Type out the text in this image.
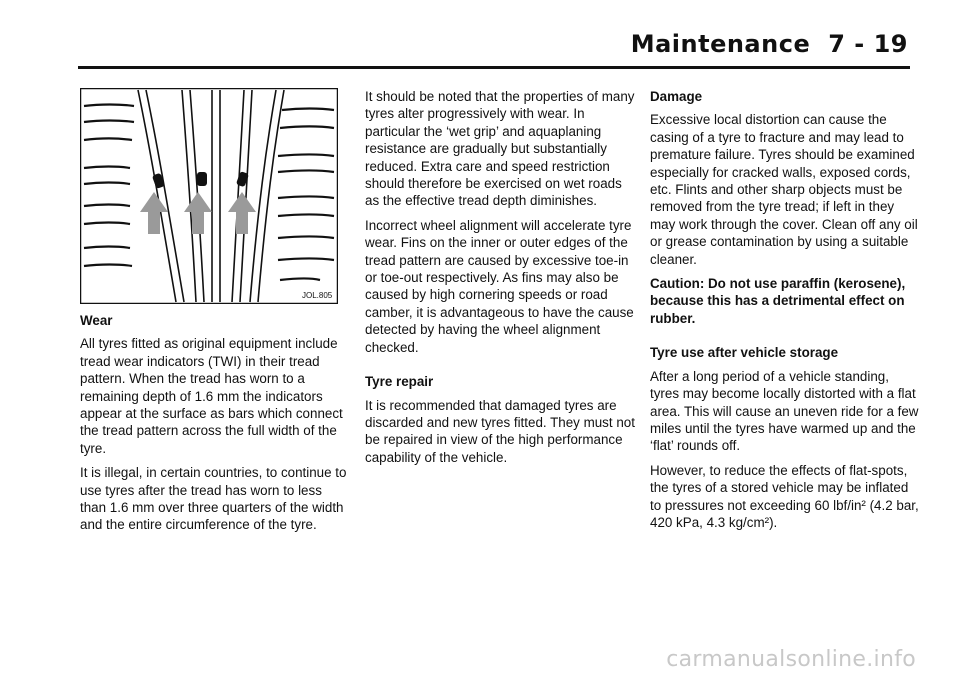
Maintenance 7 - 19
JOL.805
Wear

All tyres fitted as original equipment include tread wear indicators (TWI) in their tread pattern. When the tread has worn to a remaining depth of 1.6 mm the indicators appear at the surface as bars which connect the tread pattern across the full width of the tyre.

It is illegal, in certain countries, to continue to use tyres after the tread has worn to less than 1.6 mm over three quarters of the width and the entire circumference of the tyre.

It should be noted that the properties of many tyres alter progressively with wear. In particular the ‘wet grip’ and aquaplaning resistance are gradually but substantially reduced. Extra care and speed restriction should therefore be exercised on wet roads as the effective tread depth diminishes.

Incorrect wheel alignment will accelerate tyre wear. Fins on the inner or outer edges of the tread pattern are caused by excessive toe-in or toe-out respectively. As fins may also be caused by high cornering speeds or road camber, it is advantageous to have the cause detected by having the wheel alignment checked.

Tyre repair

It is recommended that damaged tyres are discarded and new tyres fitted. They must not be repaired in view of the high performance capability of the vehicle.

Damage

Excessive local distortion can cause the casing of a tyre to fracture and may lead to premature failure. Tyres should be examined especially for cracked walls, exposed cords, etc. Flints and other sharp objects must be removed from the tyre tread; if left in they may work through the cover. Clean off any oil or grease contamination by using a suitable cleaner.

Caution: Do not use paraffin (kerosene), because this has a detrimental effect on rubber.

Tyre use after vehicle storage

After a long period of a vehicle standing, tyres may become locally distorted with a flat area. This will cause an uneven ride for a few miles until the tyres have warmed up and the ‘flat’ rounds off.

However, to reduce the effects of flat-spots, the tyres of a stored vehicle may be inflated to pressures not exceeding 60 lbf/in² (4.2 bar, 420 kPa, 4.3 kg/cm²).

carmanualsonline.info
